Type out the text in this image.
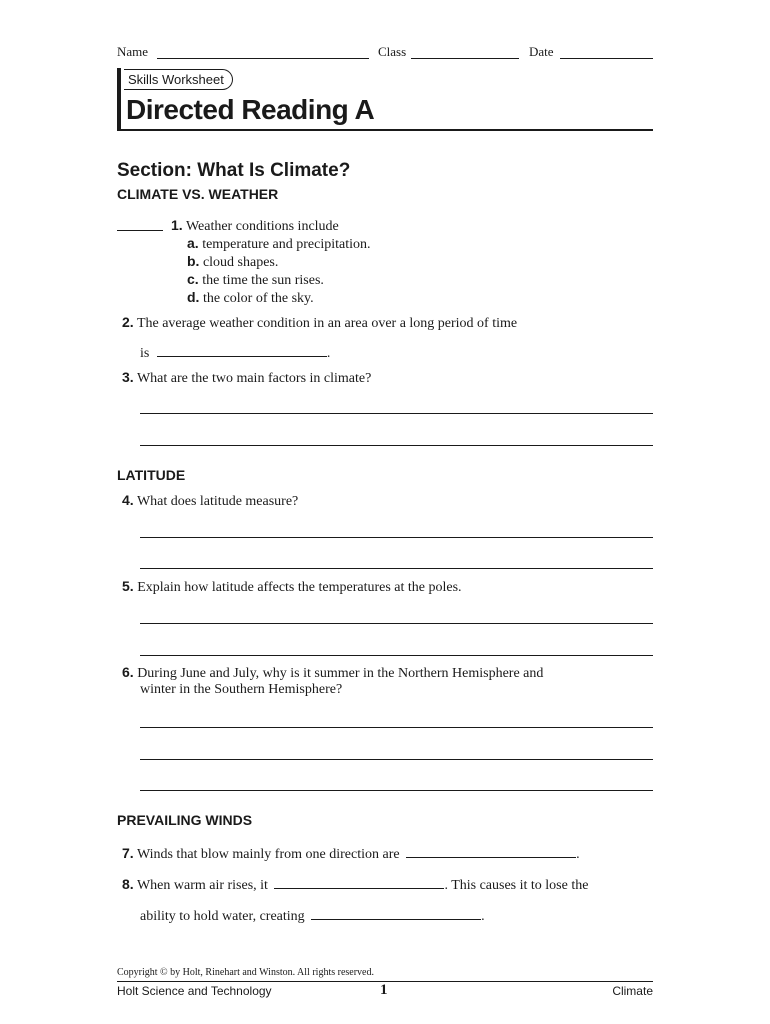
Name	Class	Date
Skills Worksheet
Directed Reading A
Section: What Is Climate?
CLIMATE VS. WEATHER
1. Weather conditions include
a. temperature and precipitation.
b. cloud shapes.
c. the time the sun rises.
d. the color of the sky.
2. The average weather condition in an area over a long period of time
is	.
3. What are the two main factors in climate?
LATITUDE
4. What does latitude measure?
5. Explain how latitude affects the temperatures at the poles.
6. During June and July, why is it summer in the Northern Hemisphere and
winter in the Southern Hemisphere?
PREVAILING WINDS
7. Winds that blow mainly from one direction are	.
8. When warm air rises, it	. This causes it to lose the
ability to hold water, creating	.
Copyright © by Holt, Rinehart and Winston. All rights reserved.
Holt Science and Technology	1	Climate
